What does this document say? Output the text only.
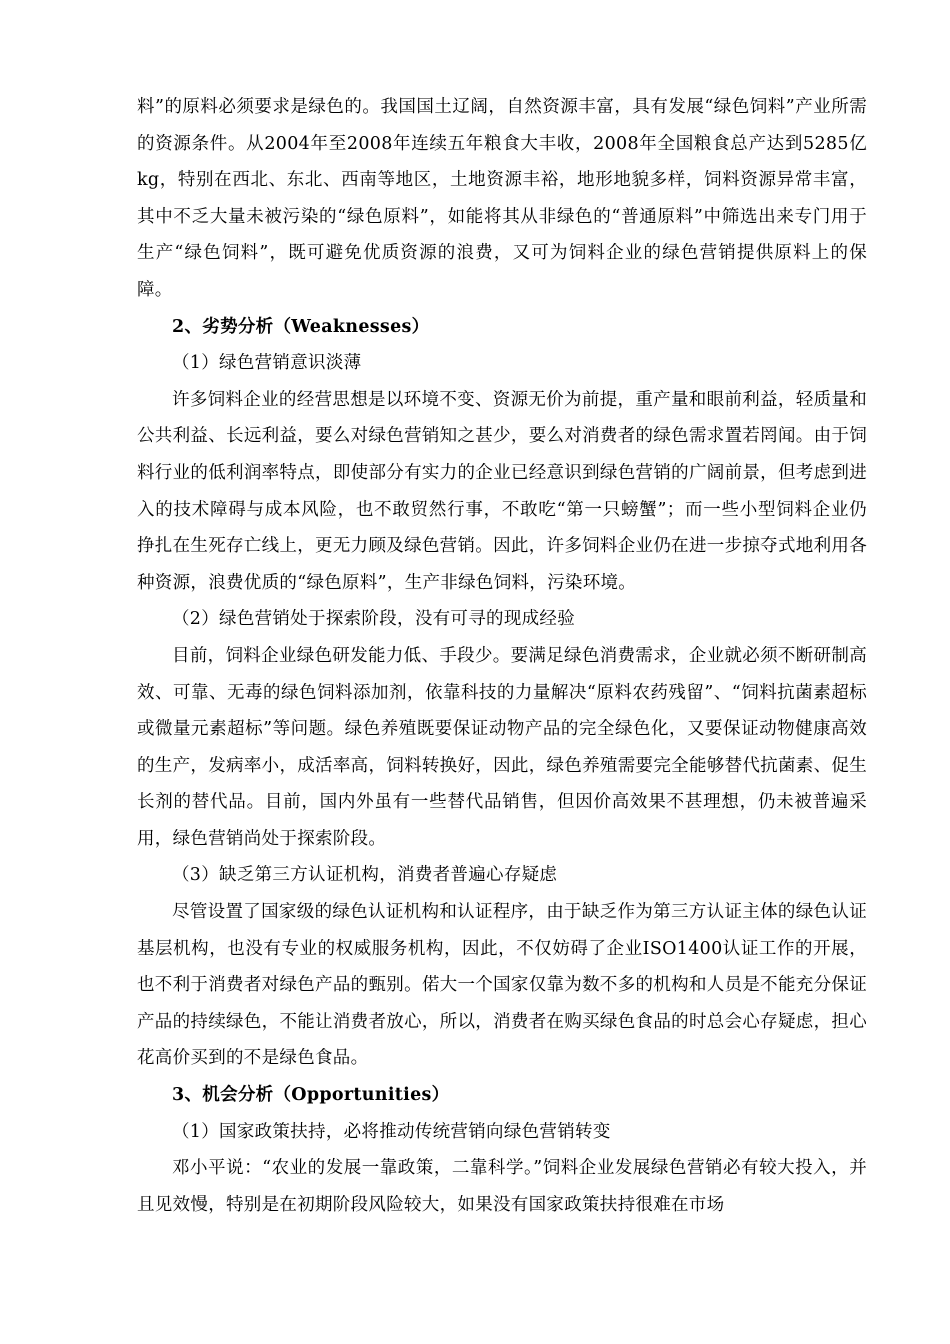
料”的原料必须要求是绿色的。我国国土辽阔，自然资源丰富，具有发展“绿色饲料”产业所需的资源条件。从2004年至2008年连续五年粮食大丰收，2008年全国粮食总产达到5285亿kg，特别在西北、东北、西南等地区，土地资源丰裕，地形地貌多样，饲料资源异常丰富，其中不乏大量未被污染的“绿色原料”，如能将其从非绿色的“普通原料”中筛选出来专门用于生产“绿色饲料”，既可避免优质资源的浪费，又可为饲料企业的绿色营销提供原料上的保障。

2、劣势分析（Weaknesses）

（1）绿色营销意识淡薄

许多饲料企业的经营思想是以环境不变、资源无价为前提，重产量和眼前利益，轻质量和公共利益、长远利益，要么对绿色营销知之甚少，要么对消费者的绿色需求置若罔闻。由于饲料行业的低利润率特点，即使部分有实力的企业已经意识到绿色营销的广阔前景，但考虑到进入的技术障碍与成本风险，也不敢贸然行事，不敢吃“第一只螃蟹”；而一些小型饲料企业仍挣扎在生死存亡线上，更无力顾及绿色营销。因此，许多饲料企业仍在进一步掠夺式地利用各种资源，浪费优质的“绿色原料”，生产非绿色饲料，污染环境。

（2）绿色营销处于探索阶段，没有可寻的现成经验

目前，饲料企业绿色研发能力低、手段少。要满足绿色消费需求，企业就必须不断研制高效、可靠、无毒的绿色饲料添加剂，依靠科技的力量解决“原料农药残留”、“饲料抗菌素超标或微量元素超标”等问题。绿色养殖既要保证动物产品的完全绿色化，又要保证动物健康高效的生产，发病率小，成活率高，饲料转换好，因此，绿色养殖需要完全能够替代抗菌素、促生长剂的替代品。目前，国内外虽有一些替代品销售，但因价高效果不甚理想，仍未被普遍采用，绿色营销尚处于探索阶段。

（3）缺乏第三方认证机构，消费者普遍心存疑虑

尽管设置了国家级的绿色认证机构和认证程序，由于缺乏作为第三方认证主体的绿色认证基层机构，也没有专业的权威服务机构，因此，不仅妨碍了企业ISO1400认证工作的开展，也不利于消费者对绿色产品的甄别。偌大一个国家仅靠为数不多的机构和人员是不能充分保证产品的持续绿色，不能让消费者放心，所以，消费者在购买绿色食品的时总会心存疑虑，担心花高价买到的不是绿色食品。

3、机会分析（Opportunities）

（1）国家政策扶持，必将推动传统营销向绿色营销转变

邓小平说：“农业的发展一靠政策，二靠科学。”饲料企业发展绿色营销必有较大投入，并且见效慢，特别是在初期阶段风险较大，如果没有国家政策扶持很难在市场
